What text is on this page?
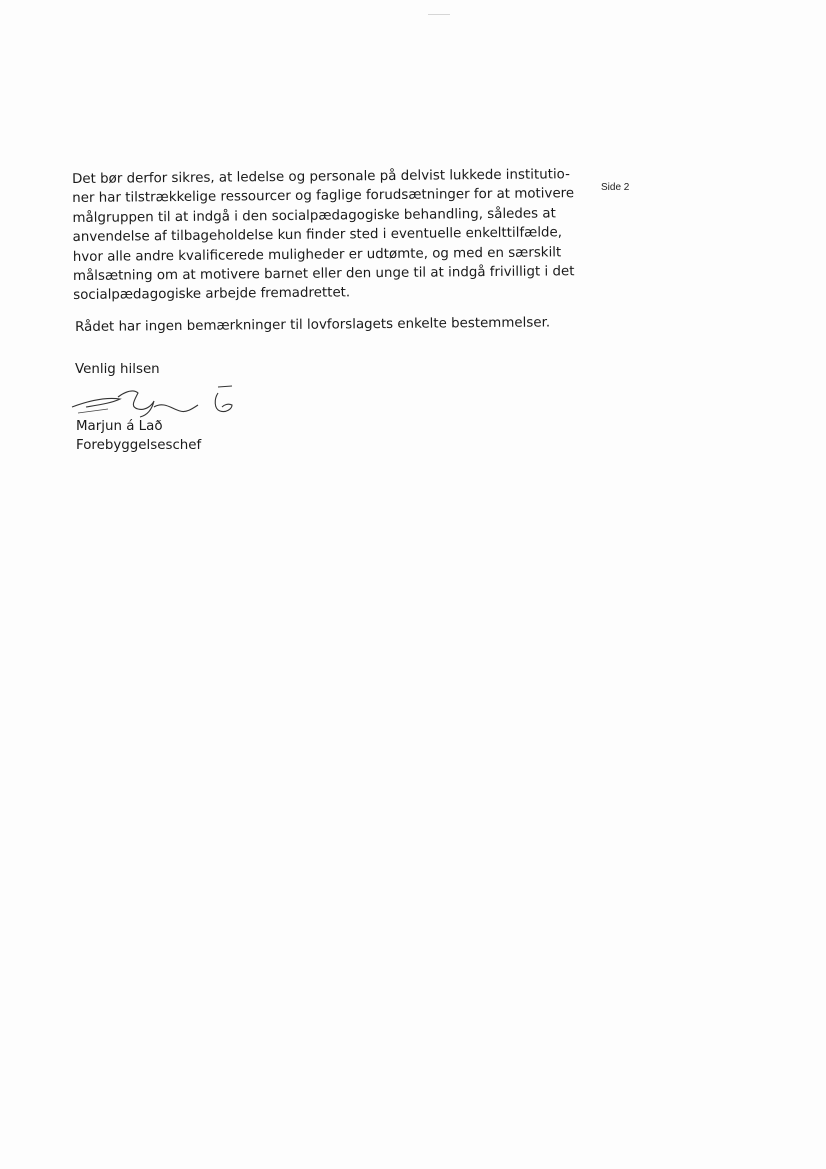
Side 2
Det bør derfor sikres, at ledelse og personale på delvist lukkede institutio-
ner har tilstrækkelige ressourcer og faglige forudsætninger for at motivere
målgruppen til at indgå i den socialpædagogiske behandling, således at
anvendelse af tilbageholdelse kun finder sted i eventuelle enkelttilfælde,
hvor alle andre kvalificerede muligheder er udtømte, og med en særskilt
målsætning om at motivere barnet eller den unge til at indgå frivilligt i det
socialpædagogiske arbejde fremadrettet.
Rådet har ingen bemærkninger til lovforslagets enkelte bestemmelser.
Venlig hilsen
Marjun á Lað
Forebyggelseschef
